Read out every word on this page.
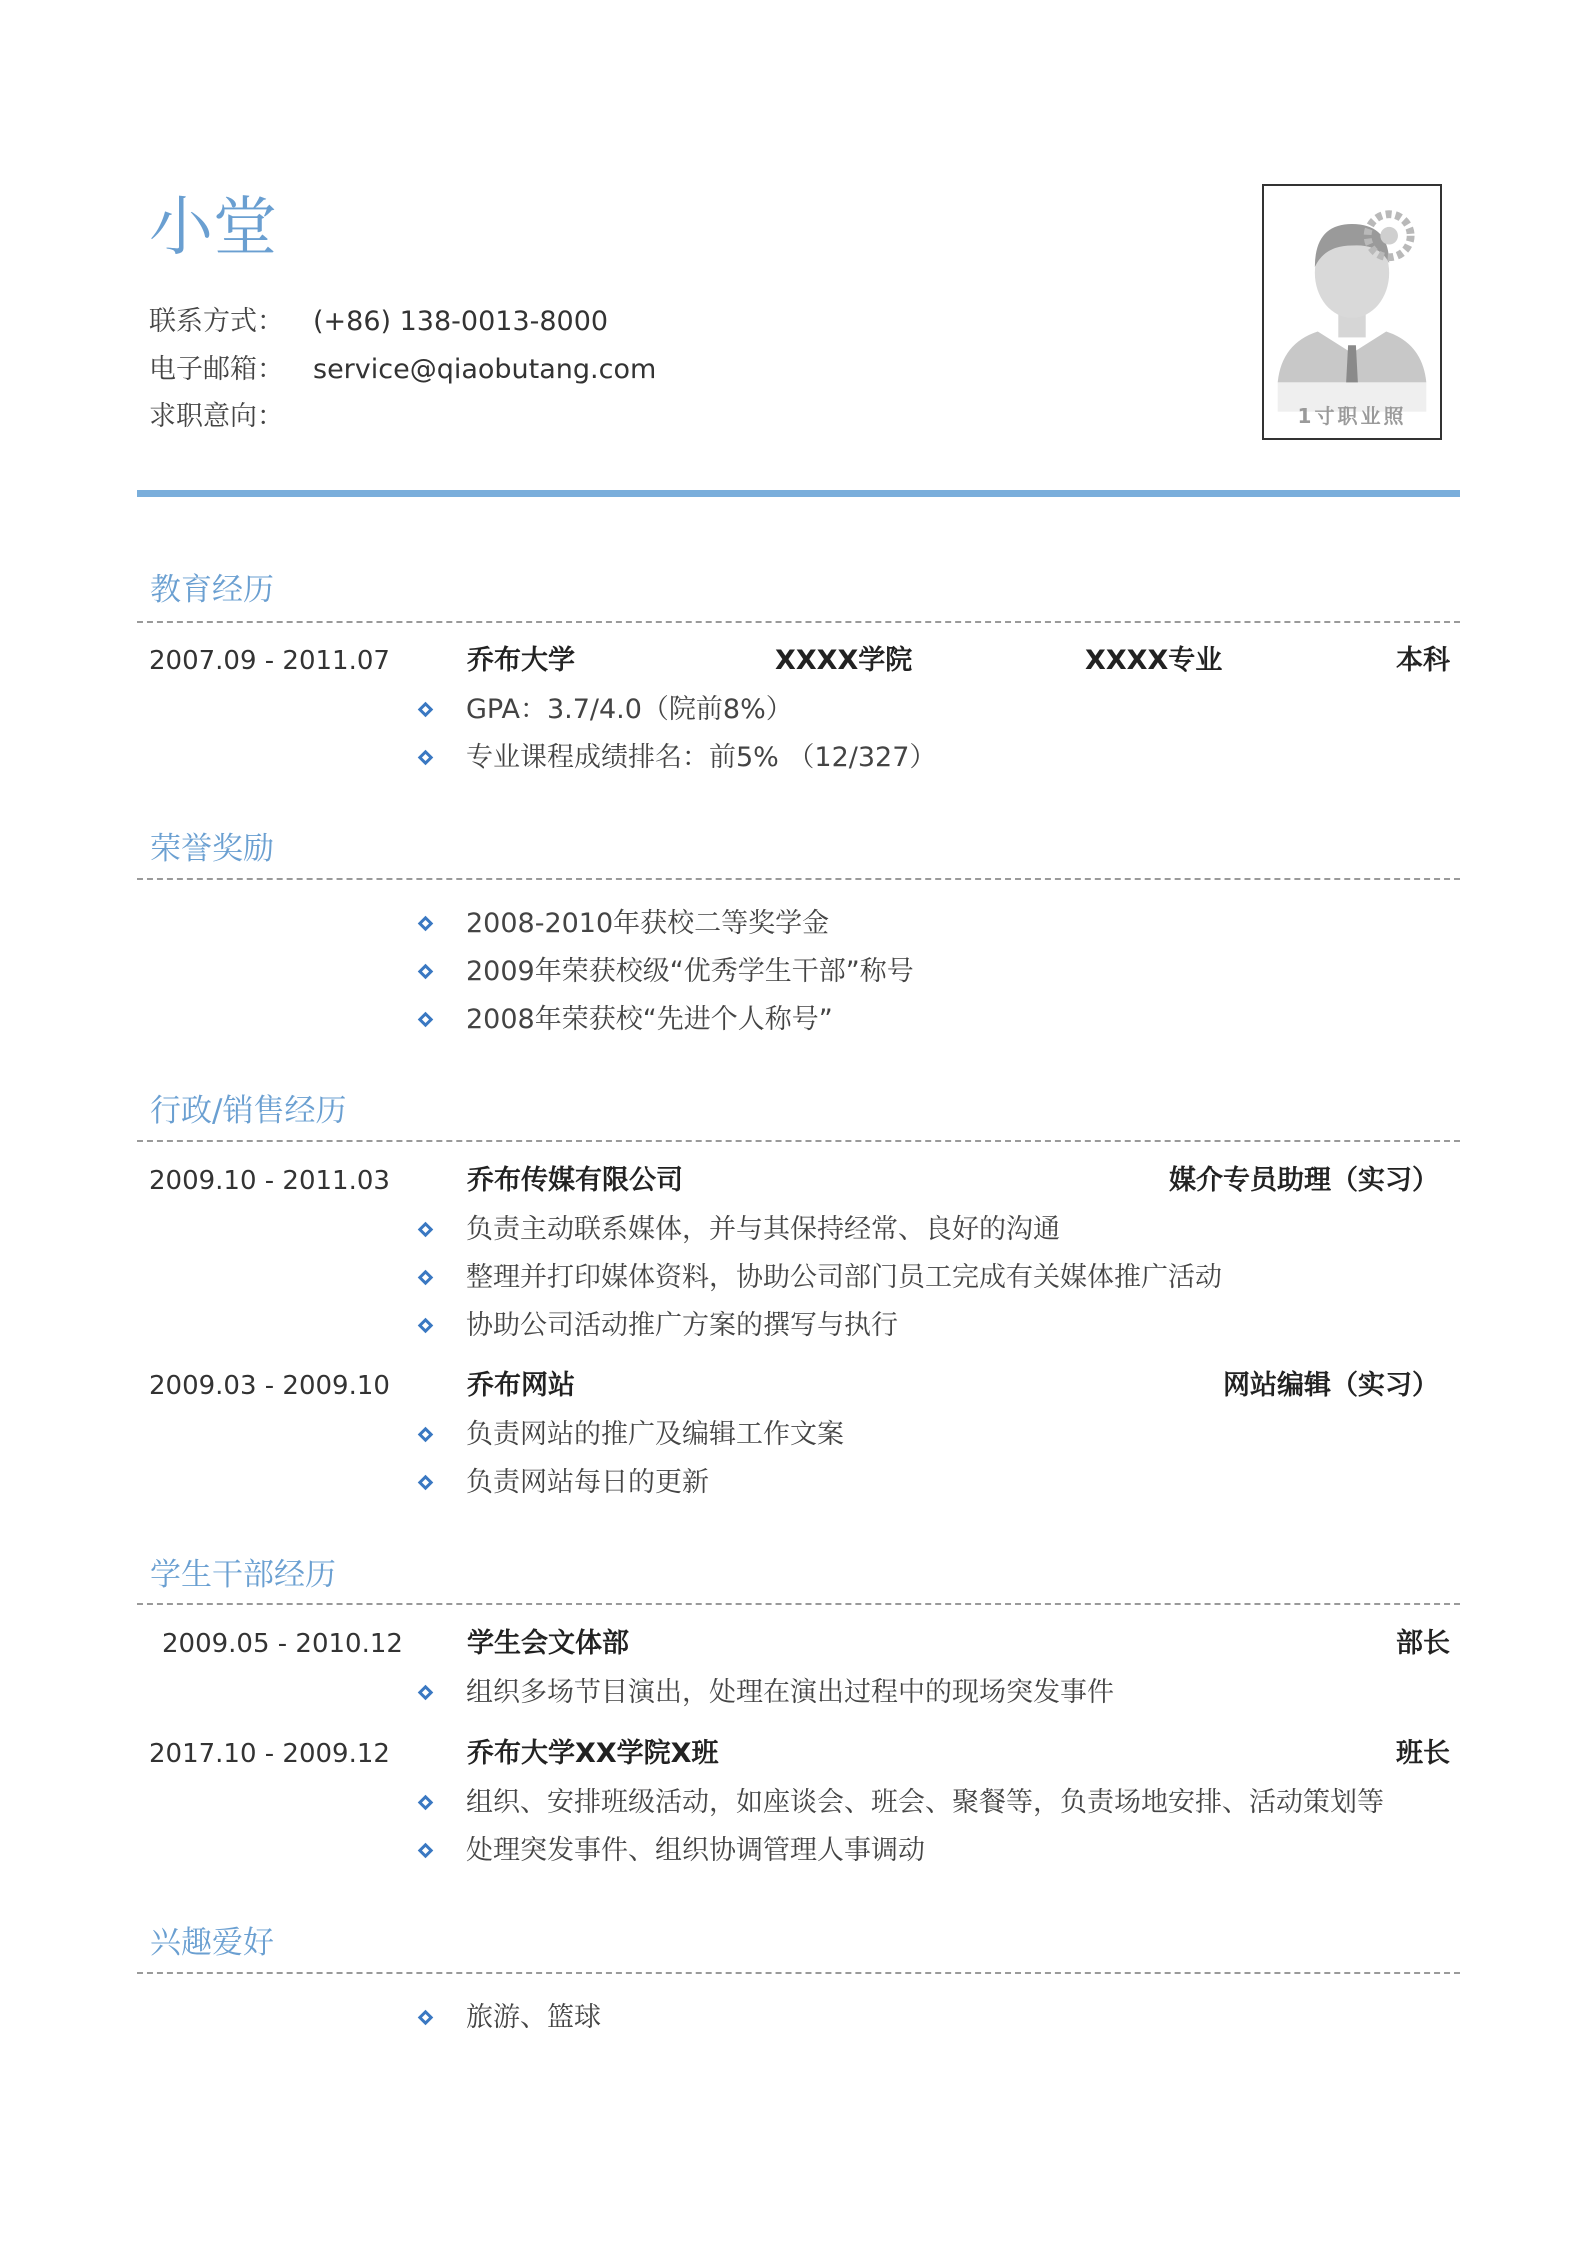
小堂
联系方式：	(+86) 138-0013-8000
电子邮箱：	service@qiaobutang.com
求职意向：	1寸职业照
教育经历
2007.09 - 2011.07	乔布大学	XXXX学院	XXXX专业	本科
GPA：3.7/4.0（院前8%）
专业课程成绩排名：前5% （12/327）
荣誉奖励
2008-2010年获校二等奖学金
2009年荣获校级“优秀学生干部”称号
2008年荣获校“先进个人称号”
行政/销售经历
2009.10 - 2011.03	乔布传媒有限公司	媒介专员助理（实习）
负责主动联系媒体，并与其保持经常、良好的沟通
整理并打印媒体资料，协助公司部门员工完成有关媒体推广活动
协助公司活动推广方案的撰写与执行
2009.03 - 2009.10	乔布网站	网站编辑（实习）
负责网站的推广及编辑工作文案
负责网站每日的更新
学生干部经历
2009.05 - 2010.12 学生会文体部	部长
组织多场节目演出，处理在演出过程中的现场突发事件
2017.10 - 2009.12	乔布大学XX学院X班	班长
组织、安排班级活动，如座谈会、班会、聚餐等，负责场地安排、活动策划等
处理突发事件、组织协调管理人事调动
兴趣爱好
旅游、篮球
